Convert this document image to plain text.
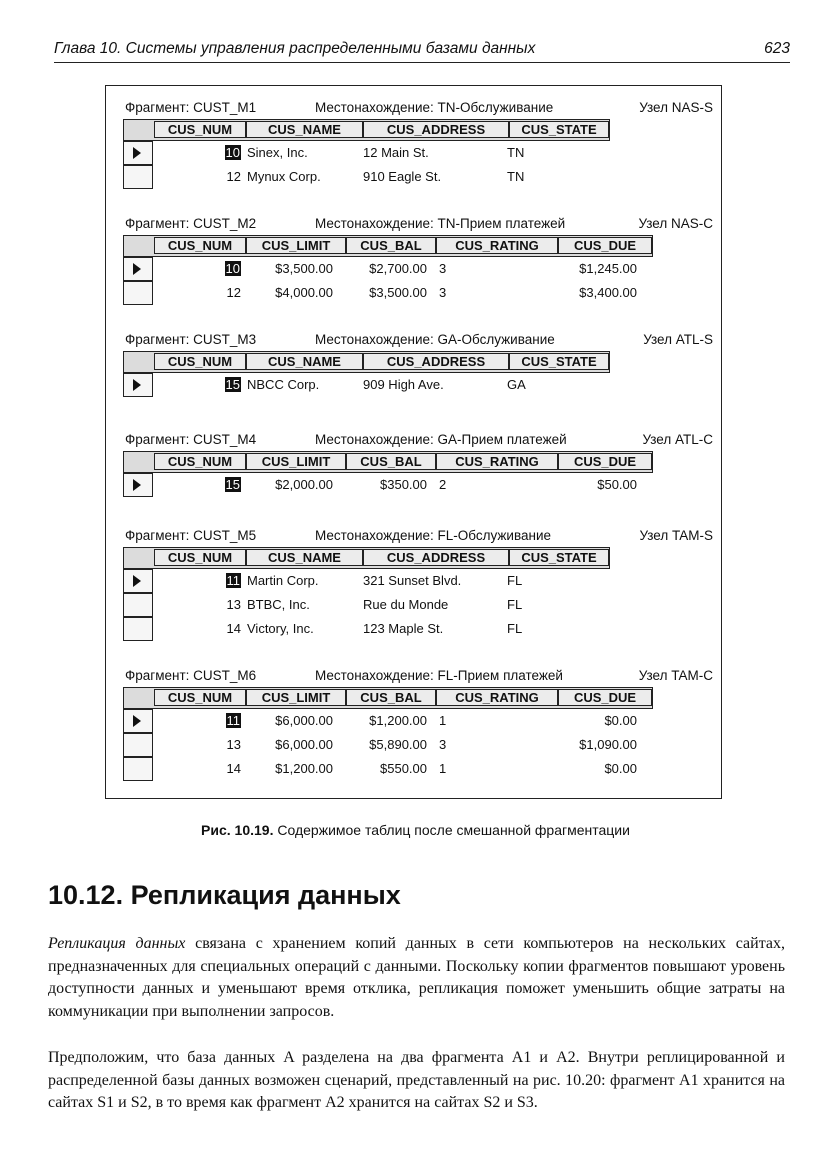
Глава 10. Системы управления распределенными базами данных	623
Фрагмент: CUST_M1	Местонахождение: TN-Обслуживание	Узел NAS-S
CUS_NUM	CUS_NAME	CUS_ADDRESS	CUS_STATE
10 Sinex, Inc.	12 Main St.	TN
12 Mynux Corp.	910 Eagle St.	TN
Фрагмент: CUST_M2	Местонахождение: TN-Прием платежей	Узел NAS-C
CUS_NUM	CUS_LIMIT	CUS_BAL	CUS_RATING	CUS_DUE
10	$3,500.00	$2,700.00 3	$1,245.00
12	$4,000.00	$3,500.00 3	$3,400.00
Фрагмент: CUST_M3	Местонахождение: GA-Обслуживание	Узел ATL-S
CUS_NUM	CUS_NAME	CUS_ADDRESS	CUS_STATE
15 NBCC Corp.	909 High Ave.	GA
Фрагмент: CUST_M4	Местонахождение: GA-Прием платежей	Узел ATL-C
CUS_NUM	CUS_LIMIT	CUS_BAL	CUS_RATING	CUS_DUE
15	$2,000.00	$350.00 2	$50.00
Фрагмент: CUST_M5	Местонахождение: FL-Обслуживание	Узел TAM-S
CUS_NUM	CUS_NAME	CUS_ADDRESS	CUS_STATE
11 Martin Corp.	321 Sunset Blvd.	FL
13 BTBC, Inc.	Rue du Monde	FL
14 Victory, Inc.	123 Maple St.	FL
Фрагмент: CUST_M6	Местонахождение: FL-Прием платежей	Узел TAM-C
CUS_NUM	CUS_LIMIT	CUS_BAL	CUS_RATING	CUS_DUE
11	$6,000.00	$1,200.00 1	$0.00
13	$6,000.00	$5,890.00 3	$1,090.00
14	$1,200.00	$550.00 1	$0.00
Рис. 10.19. Содержимое таблиц после смешанной фрагментации
10.12. Репликация данных
Репликация данных связана с хранением копий данных в сети компьютеров на нескольких сайтах, предназначенных для специальных операций с данными. Поскольку копии фрагментов повышают уровень доступности данных и уменьшают время отклика, репликация поможет уменьшить общие затраты на коммуникации при выполнении запросов.
Предположим, что база данных A разделена на два фрагмента A1 и A2. Внутри реплицированной и распределенной базы данных возможен сценарий, представленный на рис. 10.20: фрагмент A1 хранится на сайтах S1 и S2, в то время как фрагмент A2 хранится на сайтах S2 и S3.
